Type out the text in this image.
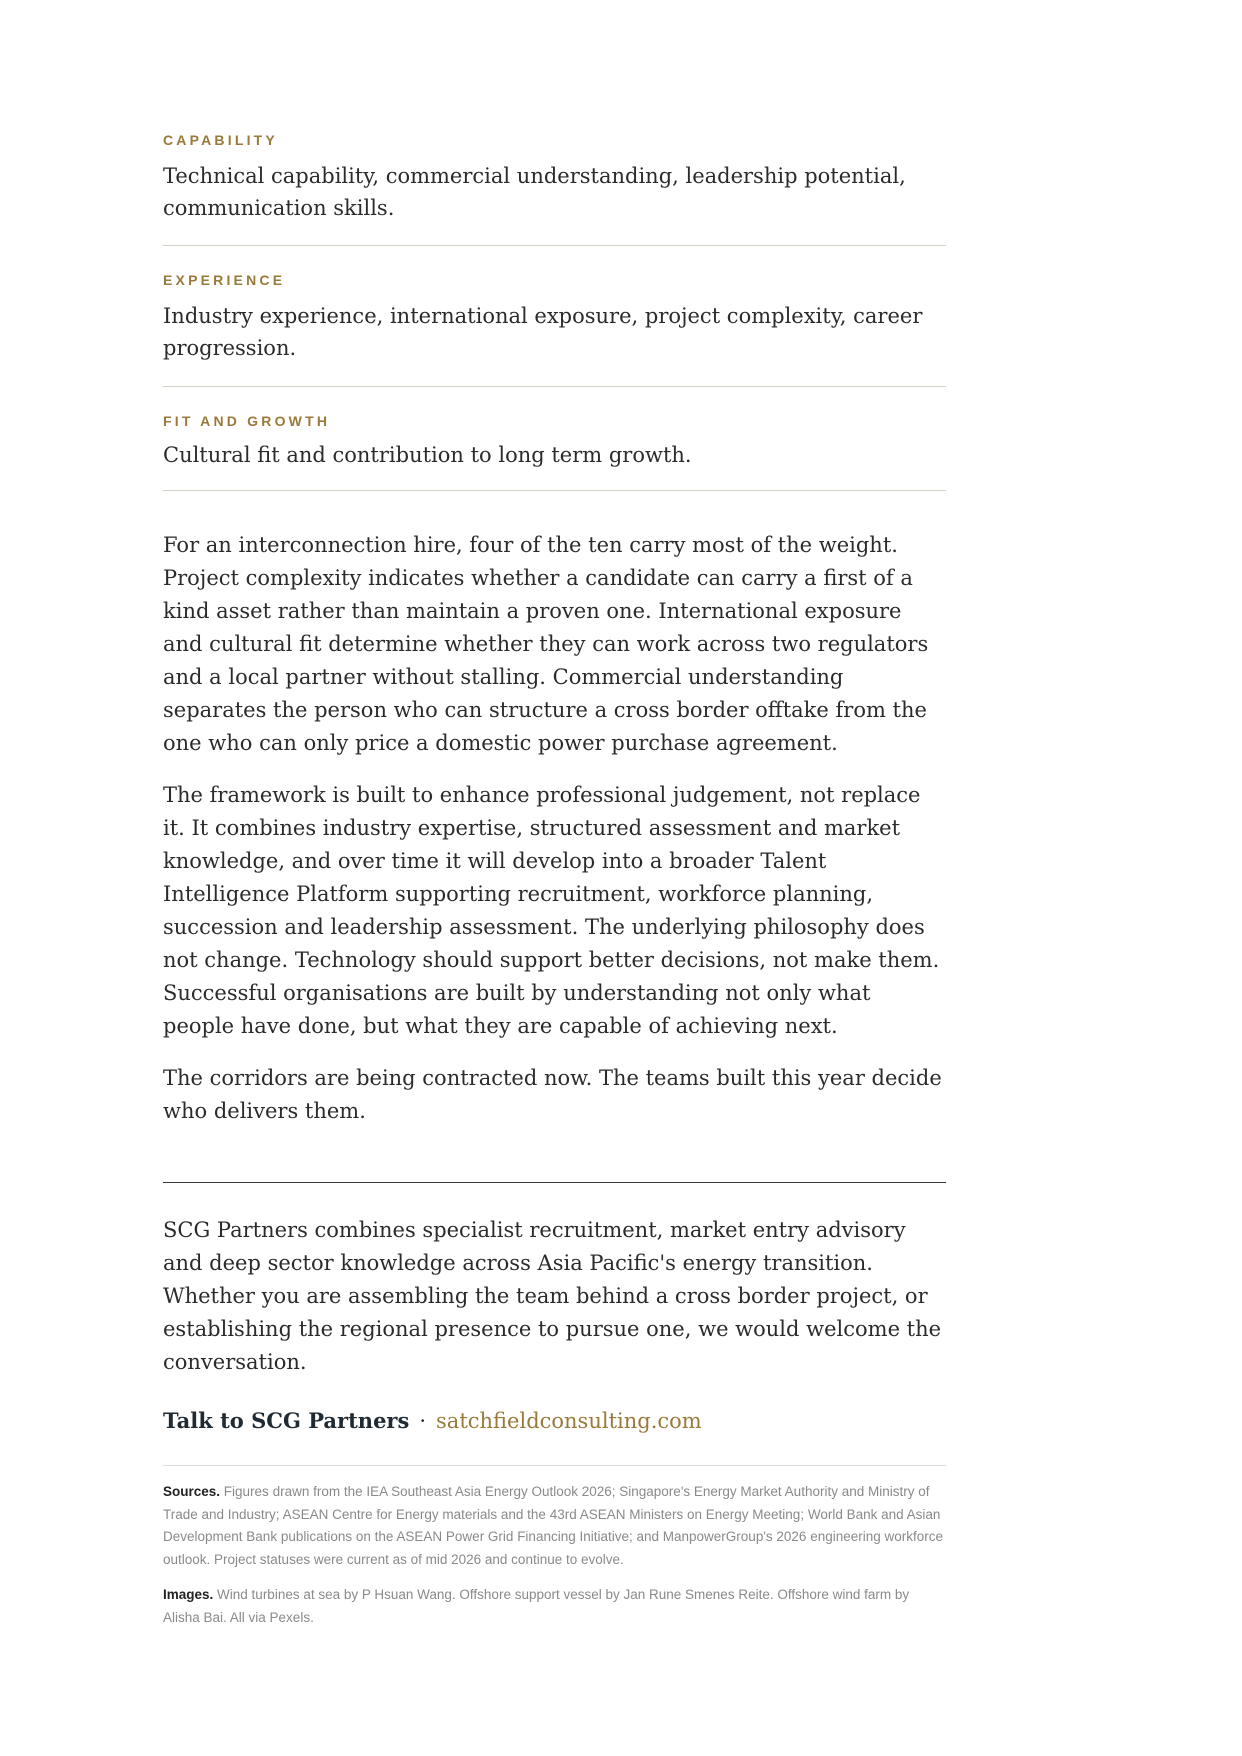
CAPABILITY
Technical capability, commercial understanding, leadership potential, communication skills.
EXPERIENCE
Industry experience, international exposure, project complexity, career progression.
FIT AND GROWTH
Cultural fit and contribution to long term growth.

For an interconnection hire, four of the ten carry most of the weight. Project complexity indicates whether a candidate can carry a first of a kind asset rather than maintain a proven one. International exposure and cultural fit determine whether they can work across two regulators and a local partner without stalling. Commercial understanding separates the person who can structure a cross border offtake from the one who can only price a domestic power purchase agreement.

The framework is built to enhance professional judgement, not replace it. It combines industry expertise, structured assessment and market knowledge, and over time it will develop into a broader Talent Intelligence Platform supporting recruitment, workforce planning, succession and leadership assessment. The underlying philosophy does not change. Technology should support better decisions, not make them. Successful organisations are built by understanding not only what people have done, but what they are capable of achieving next.

The corridors are being contracted now. The teams built this year decide who delivers them.

SCG Partners combines specialist recruitment, market entry advisory and deep sector knowledge across Asia Pacific's energy transition. Whether you are assembling the team behind a cross border project, or establishing the regional presence to pursue one, we would welcome the conversation.

Talk to SCG Partners · satchfieldconsulting.com

Sources. Figures drawn from the IEA Southeast Asia Energy Outlook 2026; Singapore's Energy Market Authority and Ministry of Trade and Industry; ASEAN Centre for Energy materials and the 43rd ASEAN Ministers on Energy Meeting; World Bank and Asian Development Bank publications on the ASEAN Power Grid Financing Initiative; and ManpowerGroup's 2026 engineering workforce outlook. Project statuses were current as of mid 2026 and continue to evolve.

Images. Wind turbines at sea by P Hsuan Wang. Offshore support vessel by Jan Rune Smenes Reite. Offshore wind farm by Alisha Bai. All via Pexels.
